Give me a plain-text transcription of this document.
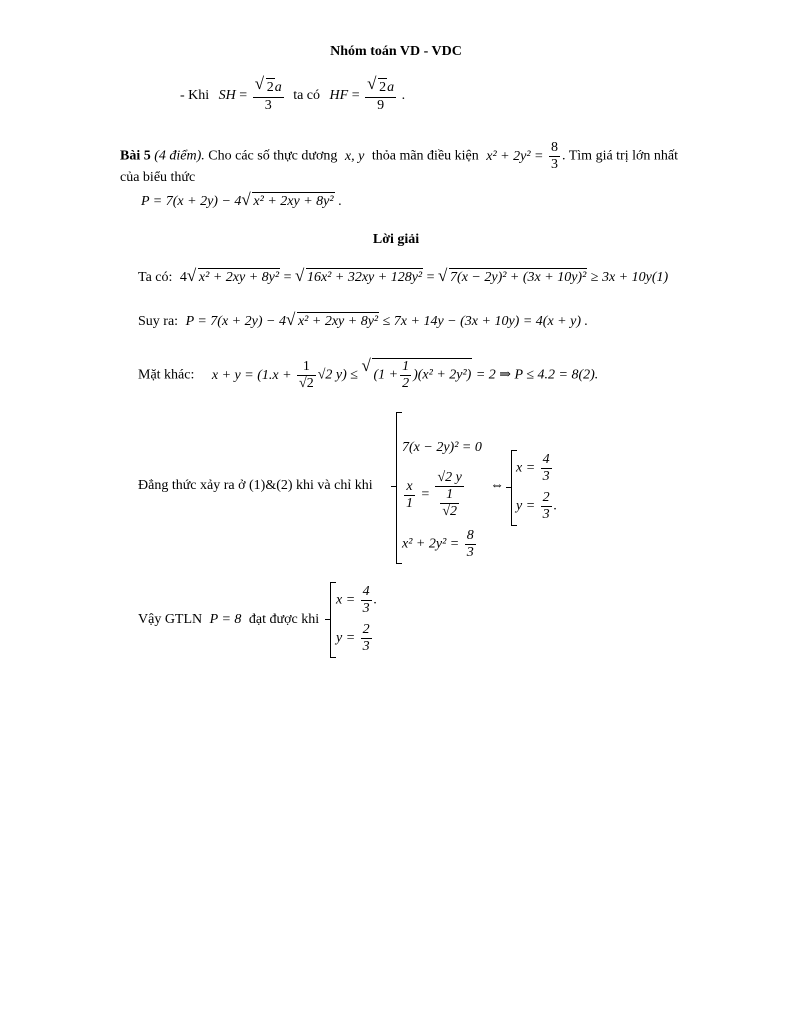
Nhóm toán VD - VDC
- Khi SH = √ $\frac{2a}{3}$ ta có HF = √ $\frac{2a}{9}$ .
Bài 5 (4 điểm). Cho các số thực dương x, y thỏa mãn điều kiện $x^2 + 2y^2 = \frac{8}{3}$ . Tìm giá trị lớn nhất
của biểu thức
P = 7(x + 2y) − 4 √ x² + 2xy + 8y² .
Lời giải
Ta có: 4 √ x² + 2xy + 8y² = √ 16x² + 32xy + 128y² = √ 7(x − 2y)² + (3x + 10y)² ≥ 3x + 10y(1)
Suy ra: P = 7(x + 2y) − 4 √ x² + 2xy + 8y² ≤ 7x + 14y − (3x + 10y) = 4(x + y) .
Mặt khác: $x + y = (1.x + \frac{1}{√2} √2$ y) ≤ √ $(1 + \frac{1}{2} )(x^2 + 2y^2) = 2$ ⇒ P ≤ 4.2 = 8(2).
Đẳng thức xảy ra ở (1)&(2) khi và chỉ khi
7(x − 2y)² = 0
$\frac{x}{1} = \frac{√2 y}{\frac{1}{√2}}$
$x^2 + 2y^2 = \frac{8}{3}$
⇔
$x = \frac{4}{3}$
$y = \frac{2}{3}$ .
Vậy GTLN P = 8 đạt được khi
$x = \frac{4}{3}$ .
$y = \frac{2}{3}$
